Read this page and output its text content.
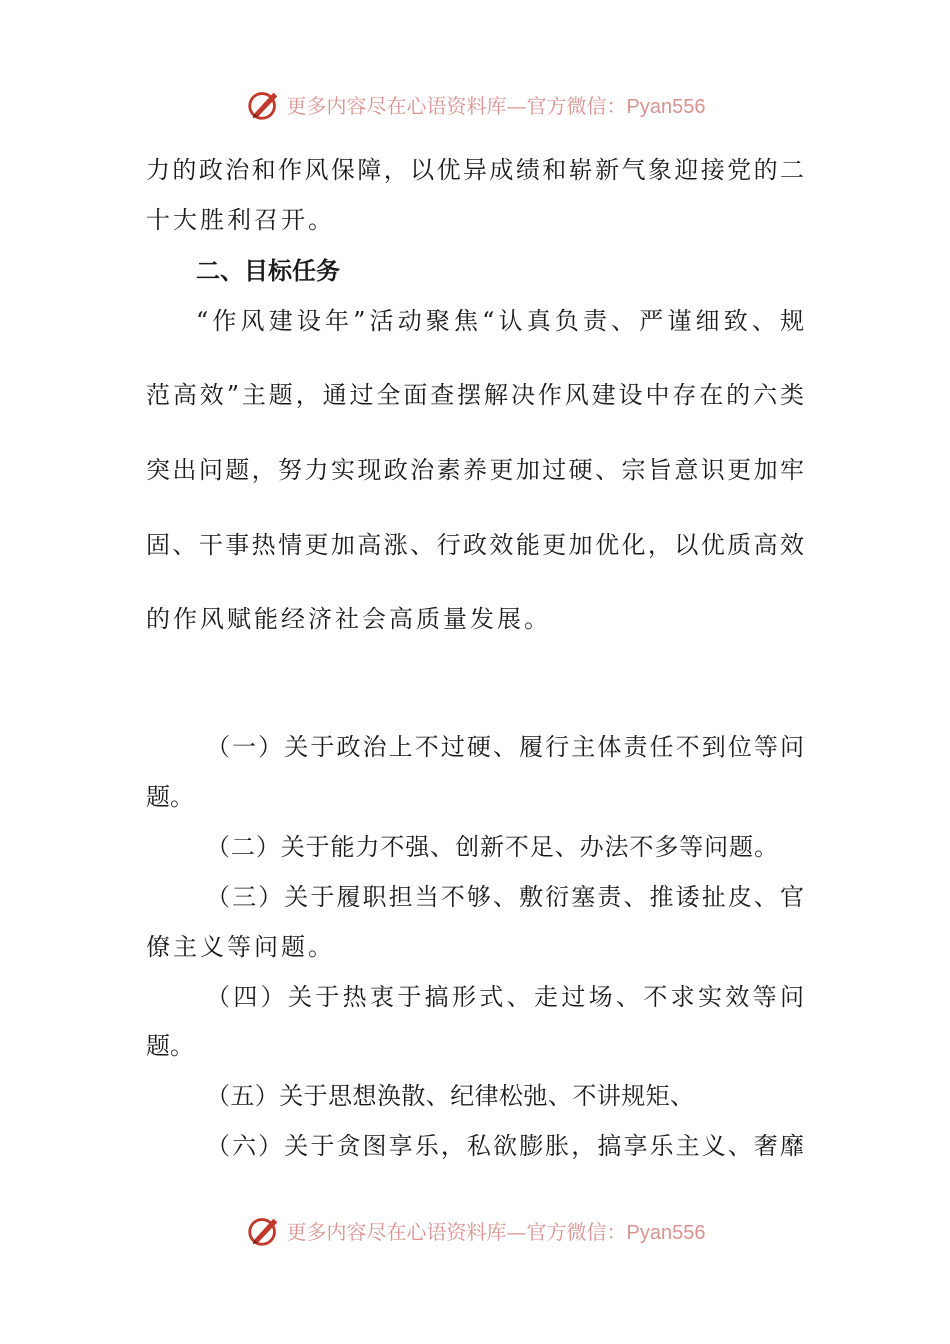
更多内容尽在心语资料库—官方微信：Pyan556
力的政治和作风保障，以优异成绩和崭新气象迎接党的二
十大胜利召开。
二、目标任务
“作风建设年”活动聚焦“认真负责、严谨细致、规
范高效”主题，通过全面查摆解决作风建设中存在的六类
突出问题，努力实现政治素养更加过硬、宗旨意识更加牢
固、干事热情更加高涨、行政效能更加优化，以优质高效
的作风赋能经济社会高质量发展。
（一）关于政治上不过硬、履行主体责任不到位等问
题。
（二）关于能力不强、创新不足、办法不多等问题。
（三）关于履职担当不够、敷衍塞责、推诿扯皮、官
僚主义等问题。
（四）关于热衷于搞形式、走过场、不求实效等问
题。
（五）关于思想涣散、纪律松弛、不讲规矩、
（六）关于贪图享乐，私欲膨胀，搞享乐主义、奢靡
更多内容尽在心语资料库—官方微信：Pyan556
